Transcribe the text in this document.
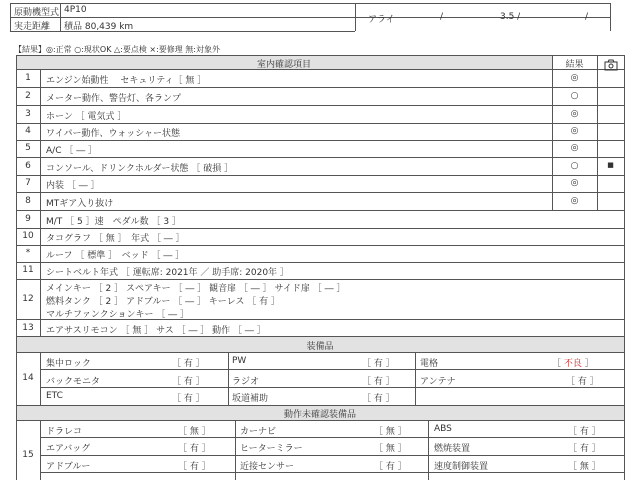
原動機型式 4P10
実走距離	積品 80,439 km
アライ	/	3.5 /	/
【結果】◎:正常 ○:現状OK △:要点検 ×:要修理 無:対象外
室内確認項目	結果
1	エンジン始動性　 セキュリティ［ 無 ］	◎
2	メーター動作、警告灯、各ランプ	○
3	ホーン ［ 電気式 ］	◎
4	ワイパー動作、ウォッシャー状態	◎
5	A/C ［ ― ］	◎
6	コンソール、ドリンクホルダー状態 ［ 破損 ］	○	■
7	内装 ［ ― ］	◎
8	MTギア入り抜け	◎
9	M/T ［ 5 ］速　ペダル数 ［ 3 ］
10	タコグラフ ［ 無 ］　年式 ［ ― ］
*	ルーフ ［ 標準 ］　ベッド ［ ― ］
11	シートベルト年式 ［ 運転席: 2021年 ／ 助手席: 2020年 ］
12
メインキー ［ 2 ］ スペアキー ［ ― ］ 観音扉 ［ ― ］ サイド扉 ［ ― ］
燃料タンク ［ 2 ］ アドブルー ［ ― ］ キーレス ［ 有 ］
マルチファンクションキー ［ ― ］
13	エアサスリモコン ［ 無 ］ サス ［ ― ］ 動作 ［ ― ］
装備品
14
集中ロック	［ 有 ］	PW	［ 有 ］	電格	［ 不良 ］
バックモニタ	［ 有 ］	ラジオ	［ 有 ］	アンテナ	［ 有 ］
ETC	［ 有 ］	坂道補助	［ 有 ］
動作未確認装備品
15
ドラレコ	［ 無 ］	カーナビ	［ 無 ］	ABS	［ 有 ］
エアバッグ	［ 有 ］	ヒーターミラー	［ 無 ］	燃焼装置	［ 有 ］
アドブルー	［ 有 ］	近接センサー	［ 有 ］	速度制御装置	［ 無 ］
